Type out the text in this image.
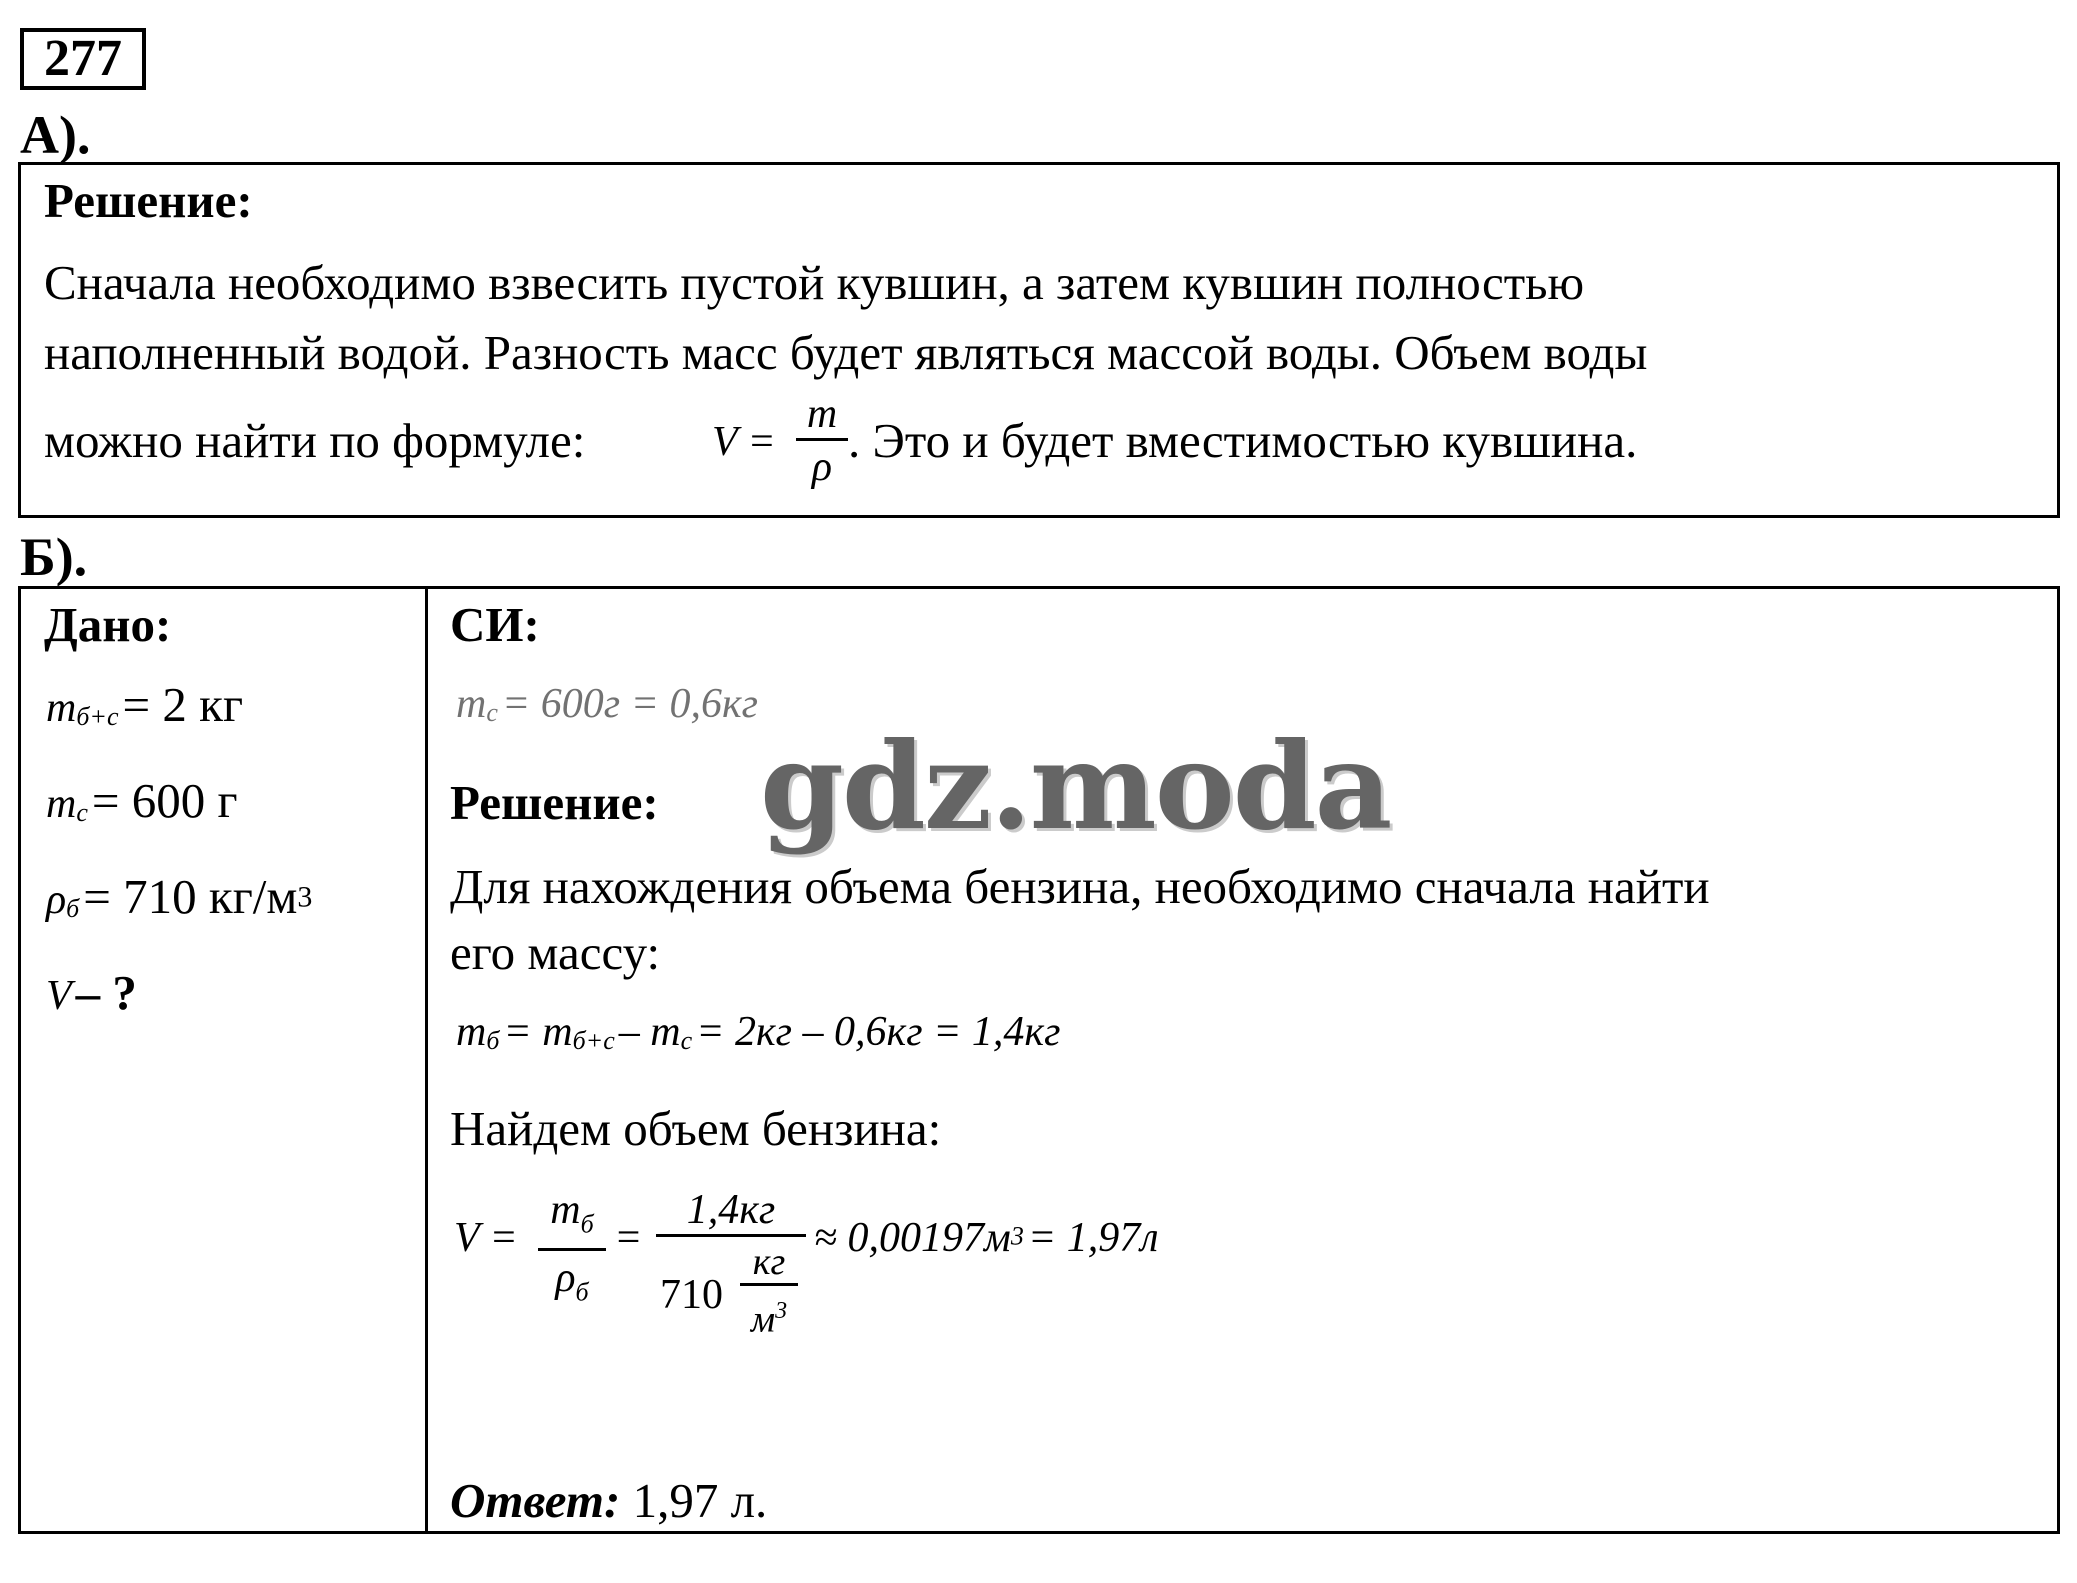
277
А).
Решение:
Сначала необходимо взвесить пустой кувшин, а затем кувшин полностью
наполненный водой. Разность масс будет являться массой воды. Объем воды
можно найти по формуле:	V =
m
ρ . Это и будет вместимостью кувшина.
Б).
Дано:
mб+с = 2 кг
mс = 600 г
ρб = 710 кг/м3
V – ?
СИ:
mс = 600г = 0,6кг
Решение:
Для нахождения объема бензина, необходимо сначала найти
его массу:
mб = mб+с – mс = 2кг – 0,6кг = 1,4кг
Найдем объем бензина:
V =
$m_б$
$\rho_б$
=
1,4кг
710
кг
$м^3$
≈ 0,00197м3 = 1,97л
Ответ: 1,97 л.
gdz.moda
